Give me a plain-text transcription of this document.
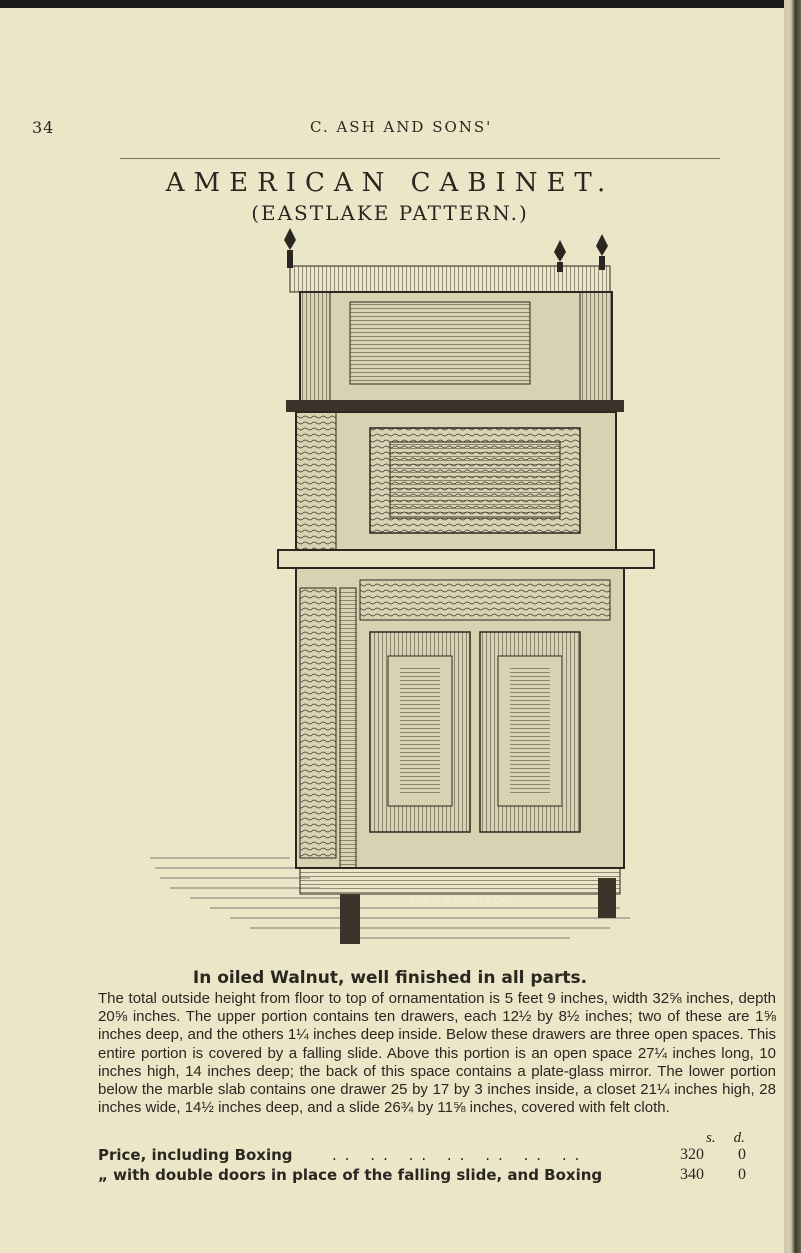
34	C. ASH AND SONS'
AMERICAN CABINET.
(EASTLAKE PATTERN.)
The S.S.W.D.M.Co.
In oiled Walnut, well finished in all parts.
The total outside height from floor to top of ornamentation is 5 feet 9 inches, width 32⅝ inches, depth 20⅝ inches. The upper portion contains ten drawers, each 12½ by 8½ inches; two of these are 1⅝ inches deep, and the others 1¼ inches deep inside. Below these drawers are three open spaces. This entire portion is covered by a falling slide. Above this portion is an open space 27¼ inches long, 10 inches high, 14 inches deep; the back of this space contains a plate-glass mirror. The lower portion below the marble slab contains one drawer 25 by 17 by 3 inches inside, a closet 21¼ inches high, 28 inches wide, 14½ inches deep, and a slide 26¾ by 11⅝ inches, covered with felt cloth.
s. d.
Price, including Boxing	.. .. .. .. .. .. ..	320 0
„ with double doors in place of the falling slide, and Boxing	340 0
